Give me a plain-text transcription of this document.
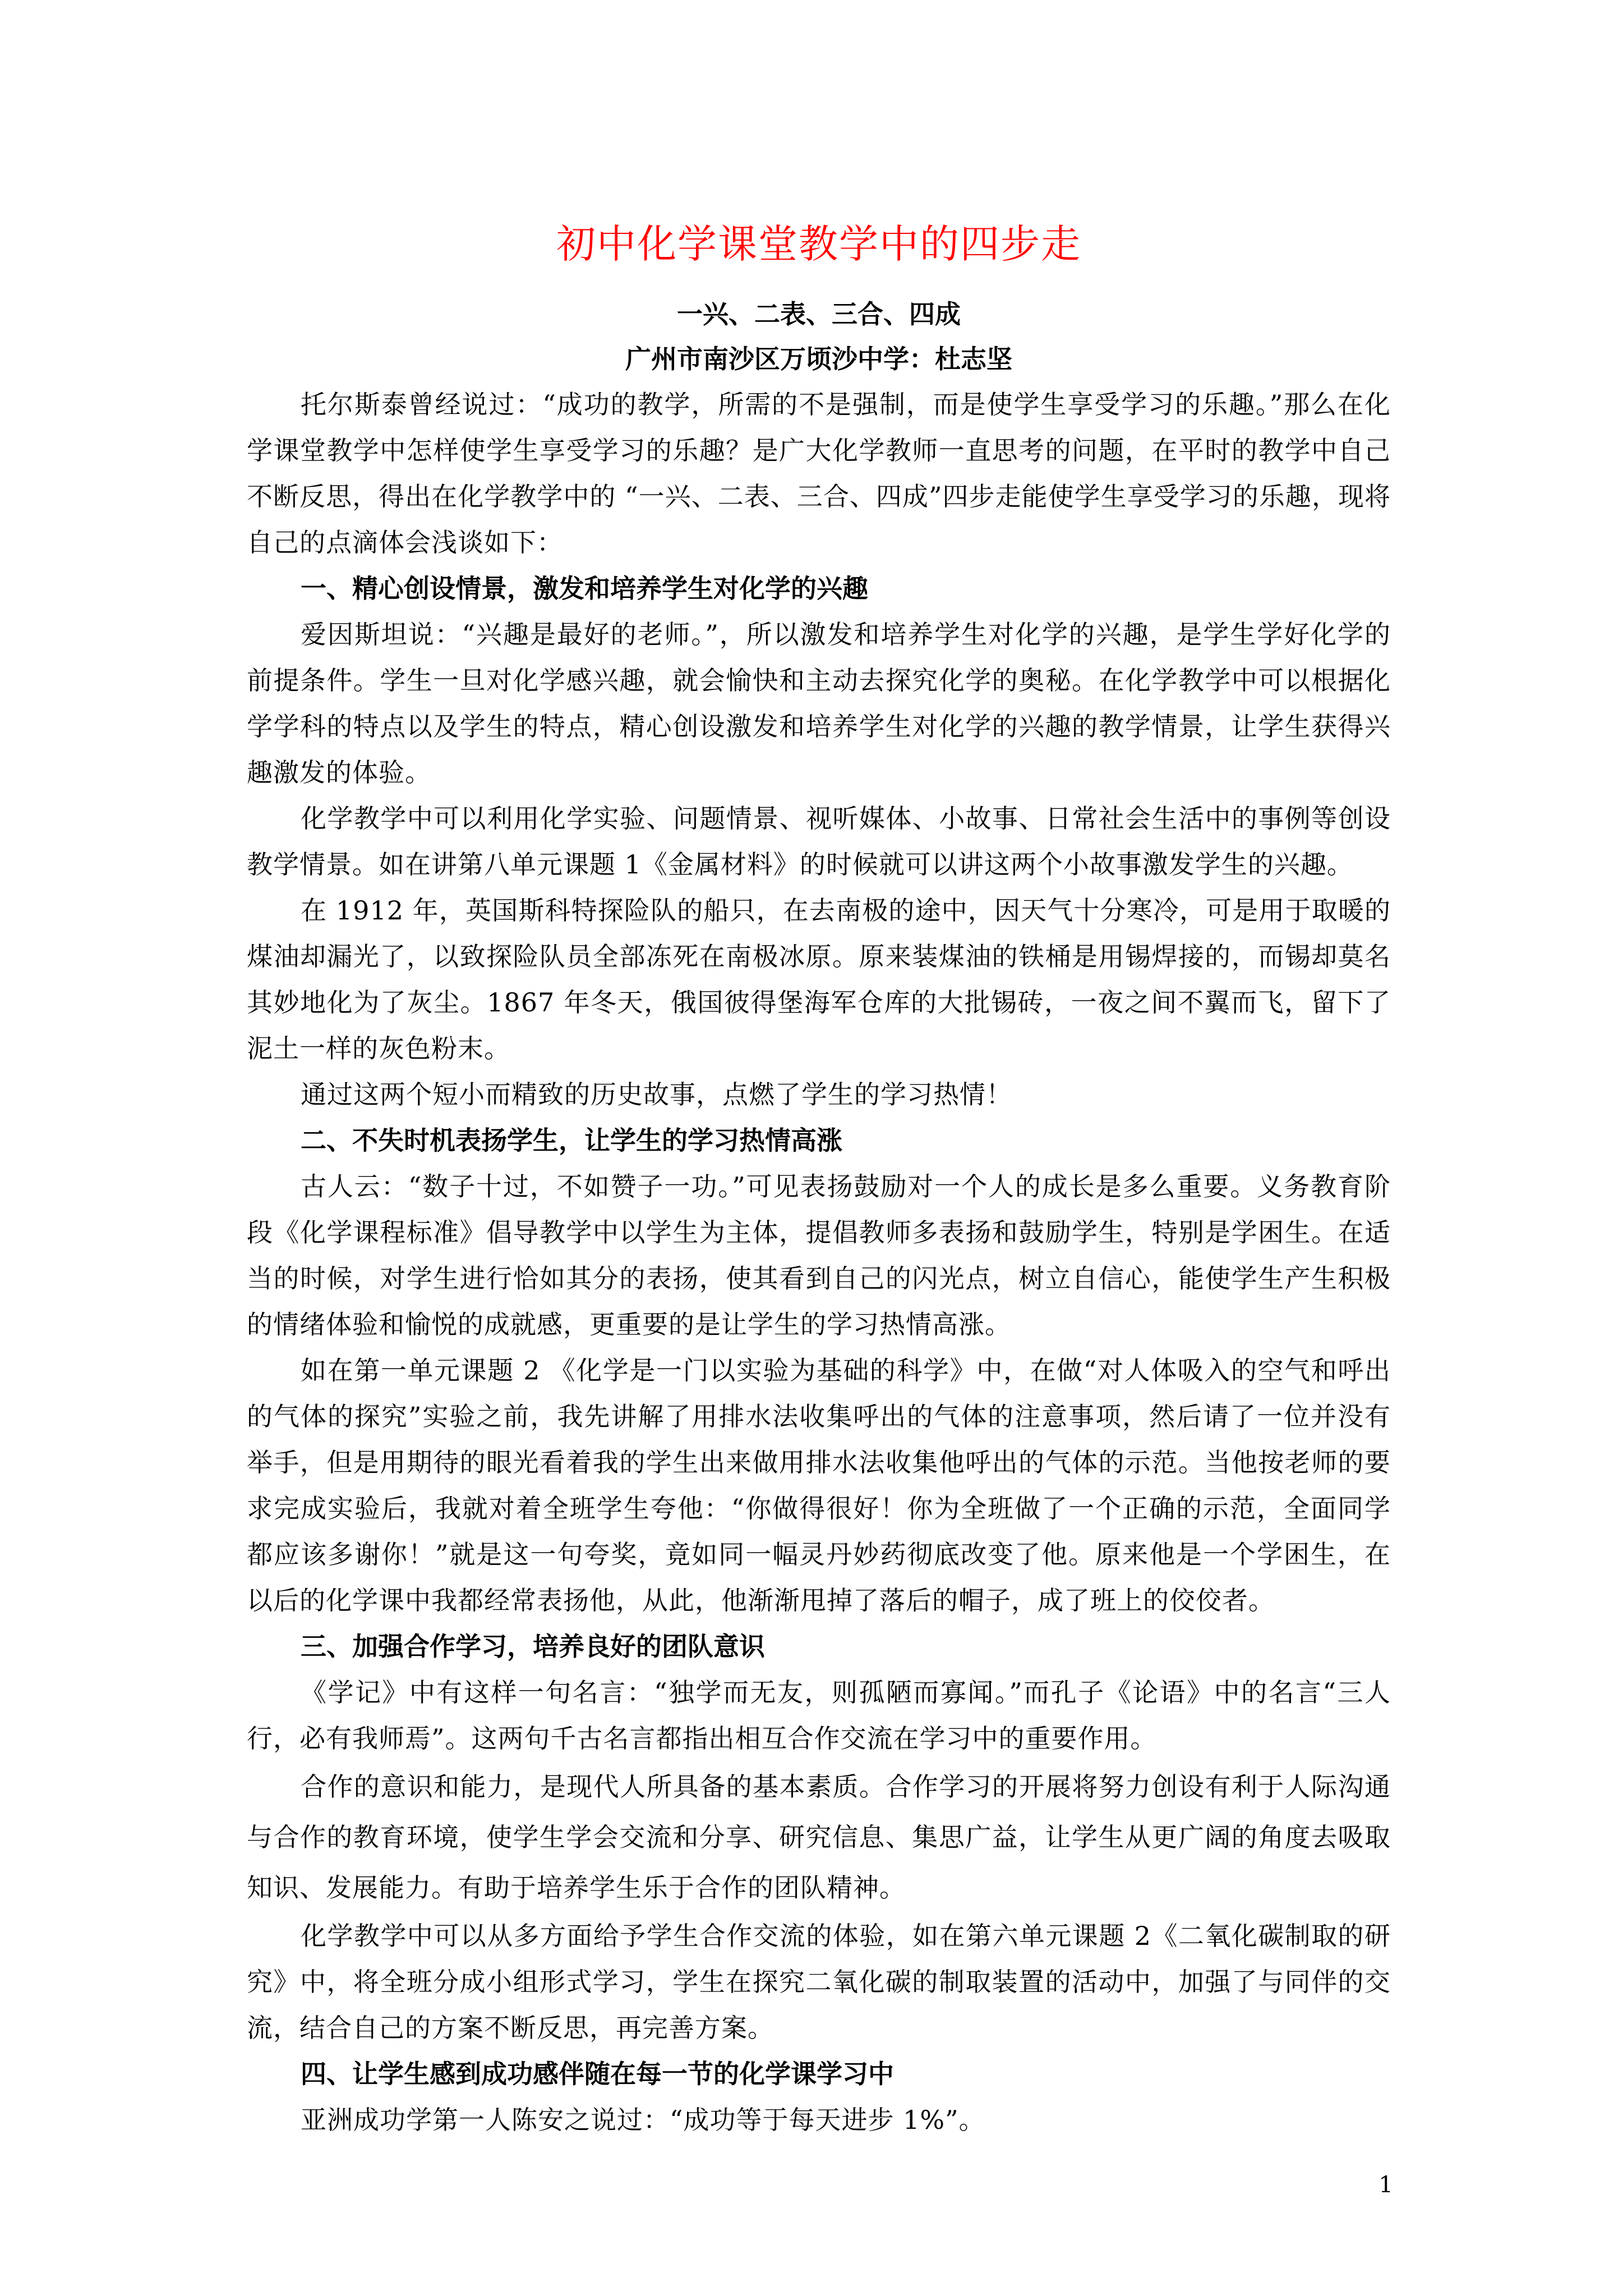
初中化学课堂教学中的四步走
一兴、二表、三合、四成
广州市南沙区万顷沙中学：杜志坚

托尔斯泰曾经说过：“成功的教学，所需的不是强制，而是使学生享受学习的乐趣。”那么在化学课堂教学中怎样使学生享受学习的乐趣？是广大化学教师一直思考的问题，在平时的教学中自己不断反思，得出在化学教学中的 “一兴、二表、三合、四成”四步走能使学生享受学习的乐趣，现将自己的点滴体会浅谈如下：

一、精心创设情景，激发和培养学生对化学的兴趣

爱因斯坦说：“兴趣是最好的老师。”，所以激发和培养学生对化学的兴趣，是学生学好化学的前提条件。学生一旦对化学感兴趣，就会愉快和主动去探究化学的奥秘。在化学教学中可以根据化学学科的特点以及学生的特点，精心创设激发和培养学生对化学的兴趣的教学情景，让学生获得兴趣激发的体验。

化学教学中可以利用化学实验、问题情景、视听媒体、小故事、日常社会生活中的事例等创设教学情景。如在讲第八单元课题 1《金属材料》的时候就可以讲这两个小故事激发学生的兴趣。

在 1912 年，英国斯科特探险队的船只，在去南极的途中，因天气十分寒冷，可是用于取暖的煤油却漏光了，以致探险队员全部冻死在南极冰原。原来装煤油的铁桶是用锡焊接的，而锡却莫名其妙地化为了灰尘。1867 年冬天，俄国彼得堡海军仓库的大批锡砖，一夜之间不翼而飞，留下了泥土一样的灰色粉末。

通过这两个短小而精致的历史故事，点燃了学生的学习热情！

二、不失时机表扬学生，让学生的学习热情高涨

古人云：“数子十过，不如赞子一功。”可见表扬鼓励对一个人的成长是多么重要。义务教育阶段《化学课程标准》倡导教学中以学生为主体，提倡教师多表扬和鼓励学生，特别是学困生。在适当的时候，对学生进行恰如其分的表扬，使其看到自己的闪光点，树立自信心，能使学生产生积极的情绪体验和愉悦的成就感，更重要的是让学生的学习热情高涨。

如在第一单元课题 2 《化学是一门以实验为基础的科学》中，在做“对人体吸入的空气和呼出的气体的探究”实验之前，我先讲解了用排水法收集呼出的气体的注意事项，然后请了一位并没有举手，但是用期待的眼光看着我的学生出来做用排水法收集他呼出的气体的示范。当他按老师的要求完成实验后，我就对着全班学生夸他：“你做得很好！你为全班做了一个正确的示范，全面同学都应该多谢你！”就是这一句夸奖，竟如同一幅灵丹妙药彻底改变了他。原来他是一个学困生，在以后的化学课中我都经常表扬他，从此，他渐渐甩掉了落后的帽子，成了班上的佼佼者。

三、加强合作学习，培养良好的团队意识

《学记》中有这样一句名言：“独学而无友，则孤陋而寡闻。”而孔子《论语》中的名言“三人行，必有我师焉”。这两句千古名言都指出相互合作交流在学习中的重要作用。

合作的意识和能力，是现代人所具备的基本素质。合作学习的开展将努力创设有利于人际沟通与合作的教育环境，使学生学会交流和分享、研究信息、集思广益，让学生从更广阔的角度去吸取知识、发展能力。有助于培养学生乐于合作的团队精神。

化学教学中可以从多方面给予学生合作交流的体验，如在第六单元课题 2《二氧化碳制取的研究》中，将全班分成小组形式学习，学生在探究二氧化碳的制取装置的活动中，加强了与同伴的交流，结合自己的方案不断反思，再完善方案。

四、让学生感到成功感伴随在每一节的化学课学习中

亚洲成功学第一人陈安之说过：“成功等于每天进步 1%”。

1
